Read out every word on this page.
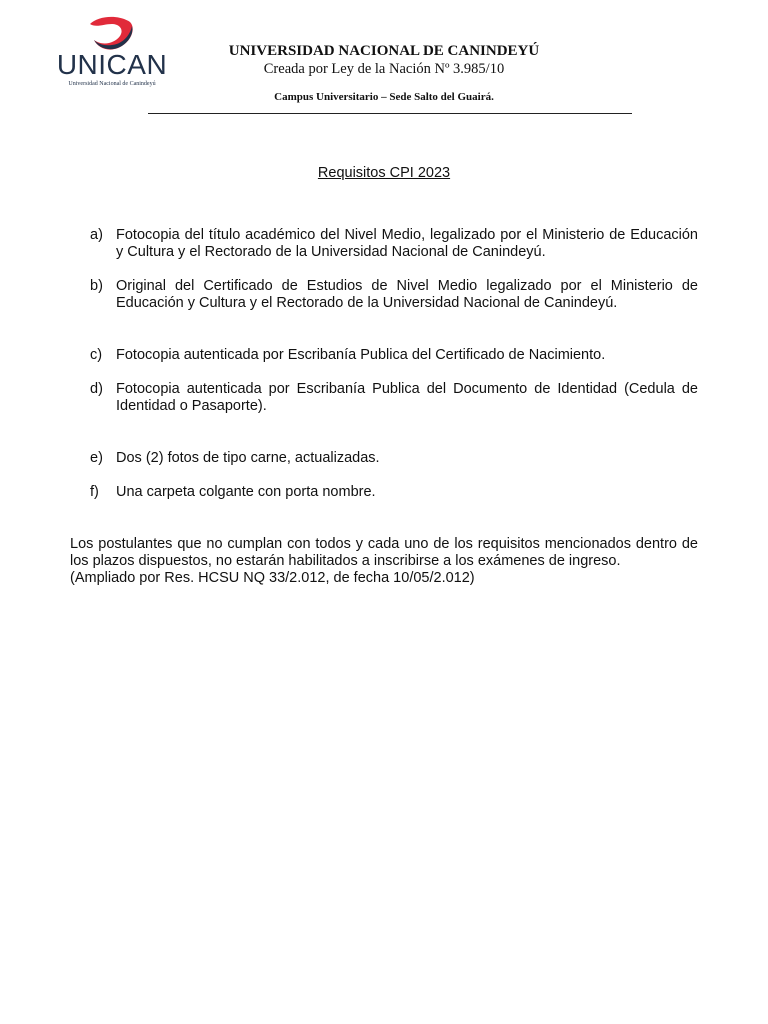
UNICAN
Universidad Nacional de Canindeyú
UNIVERSIDAD NACIONAL DE CANINDEYÚ
Creada por Ley de la Nación Nº 3.985/10
Campus Universitario – Sede Salto del Guairá.
Requisitos CPI 2023
a) Fotocopia del título académico del Nivel Medio, legalizado por el Ministerio de Educación y Cultura y el Rectorado de la Universidad Nacional de Canindeyú.
b) Original del Certificado de Estudios de Nivel Medio legalizado por el Ministerio de Educación y Cultura y el Rectorado de la Universidad Nacional de Canindeyú.
c) Fotocopia autenticada por Escribanía Publica del Certificado de Nacimiento.
d) Fotocopia autenticada por Escribanía Publica del Documento de Identidad (Cedula de Identidad o Pasaporte).
e) Dos (2) fotos de tipo carne, actualizadas.
f) Una carpeta colgante con porta nombre.
Los postulantes que no cumplan con todos y cada uno de los requisitos mencionados dentro de los plazos dispuestos, no estarán habilitados a inscribirse a los exámenes de ingreso.
(Ampliado por Res. HCSU NQ 33/2.012, de fecha 10/05/2.012)
